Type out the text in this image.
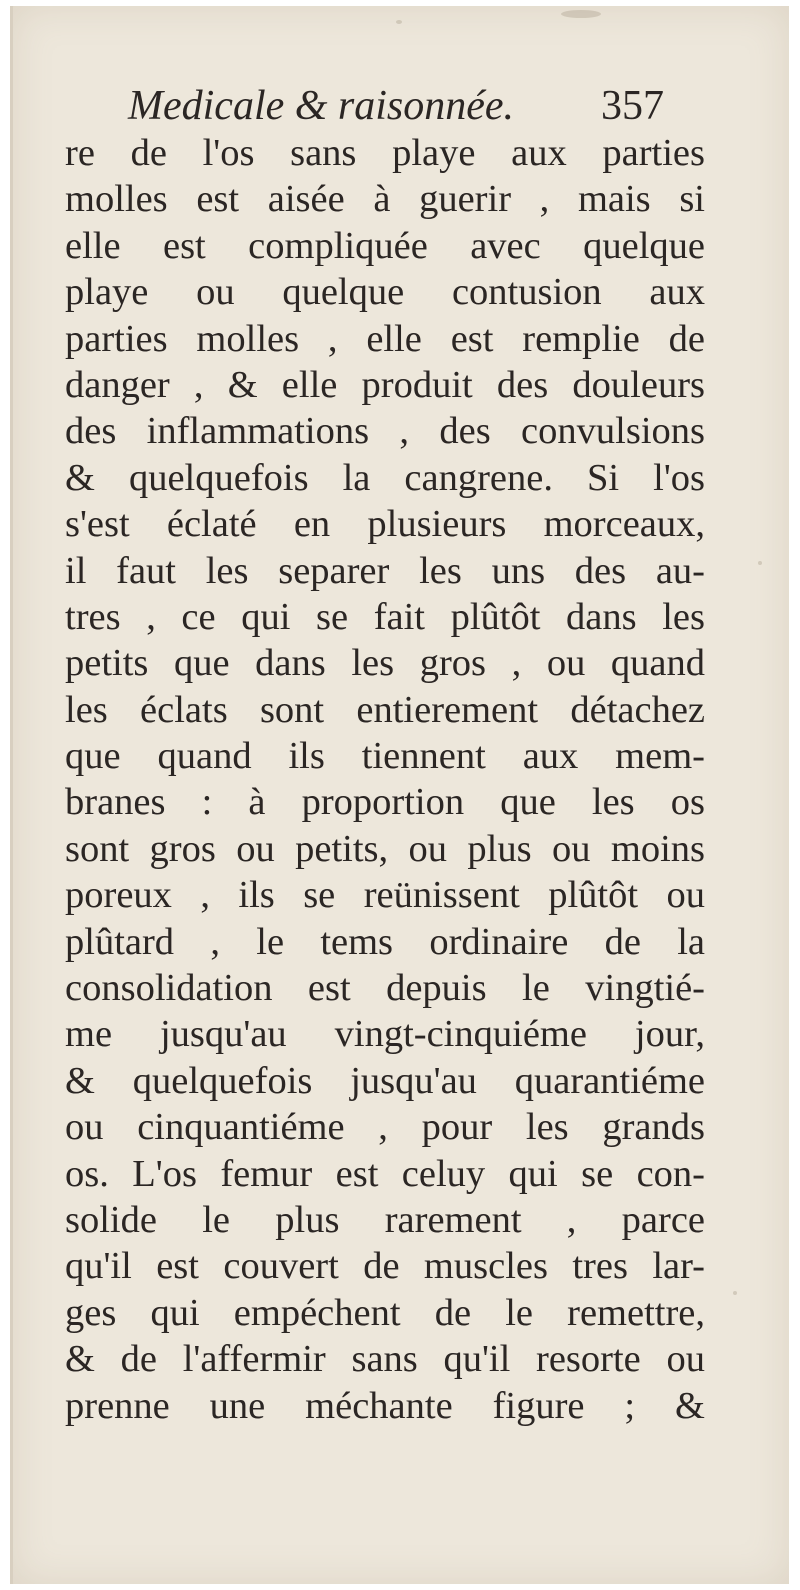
Medicale & raisonnée. 357
re de l'os sans playe aux parties
molles est aisée à guerir , mais si
elle est compliquée avec quelque
playe ou quelque contusion aux
parties molles , elle est remplie de
danger , & elle produit des douleurs
des inflammations , des convulsions
& quelquefois la cangrene. Si l'os
s'est éclaté en plusieurs morceaux,
il faut les separer les uns des au-
tres , ce qui se fait plûtôt dans les
petits que dans les gros , ou quand
les éclats sont entierement détachez
que quand ils tiennent aux mem-
branes : à proportion que les os
sont gros ou petits, ou plus ou moins
poreux , ils se reünissent plûtôt ou
plûtard , le tems ordinaire de la
consolidation est depuis le vingtié-
me jusqu'au vingt-cinquiéme jour,
& quelquefois jusqu'au quarantiéme
ou cinquantiéme , pour les grands
os. L'os femur est celuy qui se con-
solide le plus rarement , parce
qu'il est couvert de muscles tres lar-
ges qui empéchent de le remettre,
& de l'affermir sans qu'il resorte ou
prenne une méchante figure ; &
